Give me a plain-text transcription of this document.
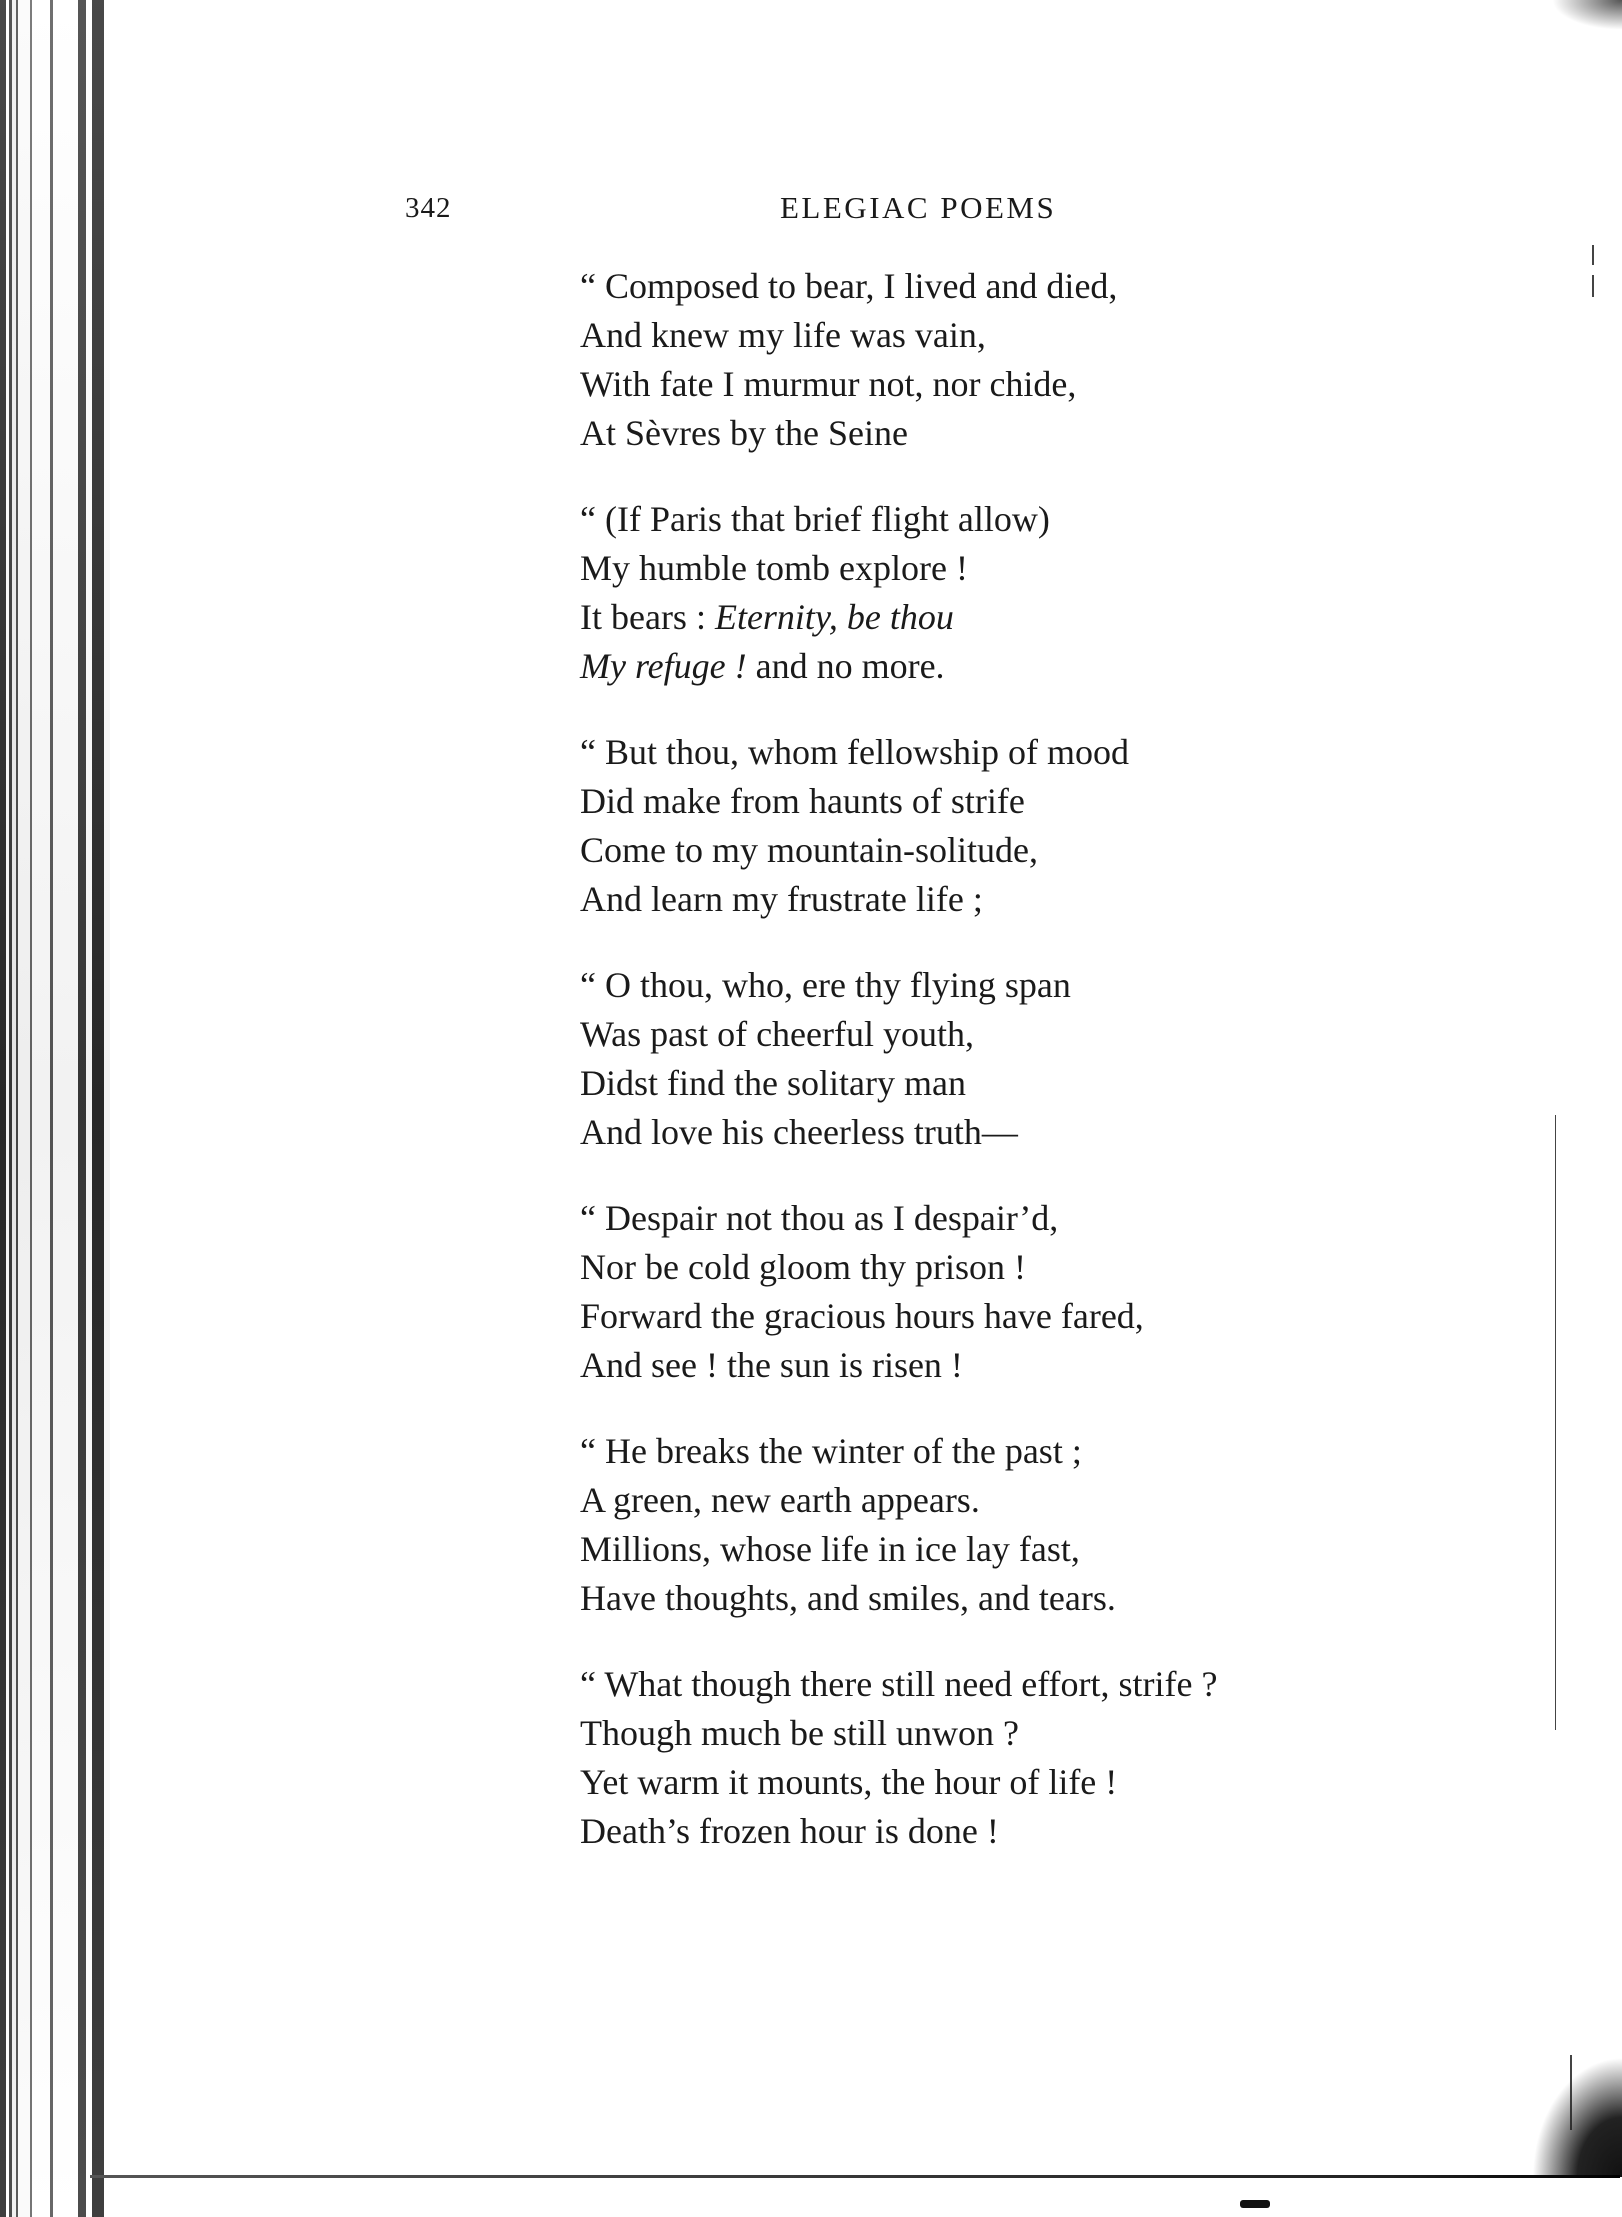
342	ELEGIAC POEMS
“ Composed to bear, I lived and died,
And knew my life was vain,
With fate I murmur not, nor chide,
At Sèvres by the Seine
“ (If Paris that brief flight allow)
My humble tomb explore !
It bears : Eternity, be thou
My refuge ! and no more.
“ But thou, whom fellowship of mood
Did make from haunts of strife
Come to my mountain-solitude,
And learn my frustrate life ;
“ O thou, who, ere thy flying span
Was past of cheerful youth,
Didst find the solitary man
And love his cheerless truth—
“ Despair not thou as I despair’d,
Nor be cold gloom thy prison !
Forward the gracious hours have fared,
And see ! the sun is risen !
“ He breaks the winter of the past ;
A green, new earth appears.
Millions, whose life in ice lay fast,
Have thoughts, and smiles, and tears.
“ What though there still need effort, strife ?
Though much be still unwon ?
Yet warm it mounts, the hour of life !
Death’s frozen hour is done !
